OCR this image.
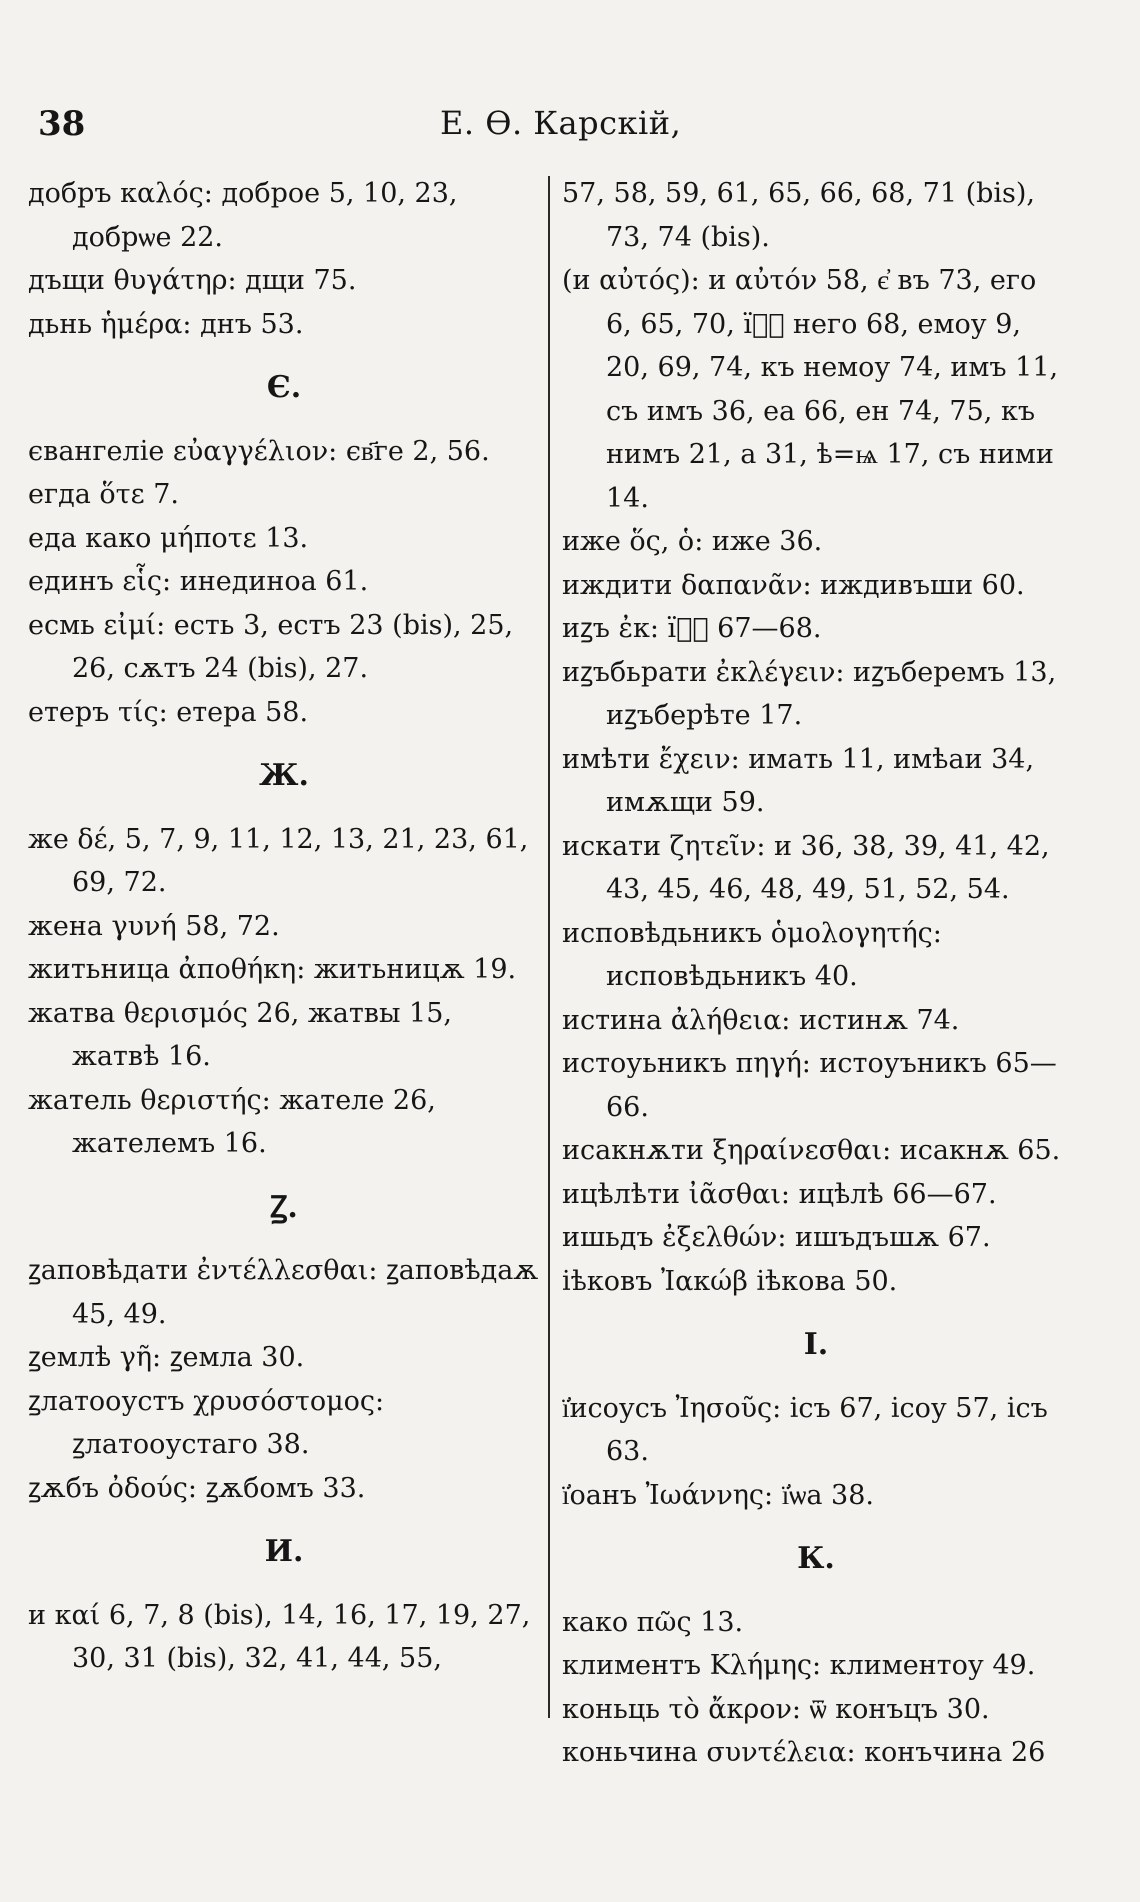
38	Е. Ѳ. Карскій,
добръ καλός: доброе 5, 10, 23, добрѡе 22.
дъщи θυγάτηρ: дщи 75.
дьнь ἡμέρα: днъ 53.
Є.
євангеліе εὐαγγέλιον: єв҃ге 2, 56.
егда ὅτε 7.
еда како μήποτε 13.
единъ εἷς: инединоа 61.
есмь εἰμί: есть 3, естъ 23 (bis), 25, 26, сѫтъ 24 (bis), 27.
етеръ τίς: етера 58.
Ж.
же δέ, 5, 7, 9, 11, 12, 13, 21, 23, 61, 69, 72.
жена γυνή 58, 72.
житьница ἀποθήκη: житьницѫ 19.
жатва θερισμός 26, жатвы 15, жатвѣ 16.
жатель θεριστής: жателе 26, жателемъ 16.
Ꙁ.
ꙁаповѣдати ἐντέλλεσθαι: ꙁаповѣдаѫ 45, 49.
ꙁемлѣ γῆ: ꙁемла 30.
ꙁлатооустъ χρυσόστομος: ꙁлатооустаго 38.
ꙁѫбъ ὀδούς: ꙁѫбомъ 33.
И.
и καί 6, 7, 8 (bis), 14, 16, 17, 19, 27, 30, 31 (bis), 32, 41, 44, 55,
57, 58, 59, 61, 65, 66, 68, 71 (bis), 73, 74 (bis).
(и αὐτός): и αὐτόν 58, є҆ въ 73, его 6, 65, 70, ї꙼ꙁ него 68, емоу 9, 20, 69, 74, къ немоу 74, имъ 11, съ имъ 36, еа 66, ен 74, 75, къ нимъ 21, а 31, ѣ=ѩ 17, съ ними 14.
иже ὅς, ὁ: иже 36.
иждити δαπανᾶν: иждивъши 60.
иꙁъ ἐκ: ї꙼ꙁ 67—68.
иꙁъбьрати ἐκλέγειν: иꙁъберемъ 13, иꙁъберѣте 17.
имѣти ἔχειν: имать 11, имѣаи 34, имѫщи 59.
искати ζητεῖν: и 36, 38, 39, 41, 42, 43, 45, 46, 48, 49, 51, 52, 54.
исповѣдьникъ ὁμολογητής: исповѣдьникъ 40.
истина ἀλήθεια: истинѫ 74.
истоуьникъ πηγή: истоуъникъ 65—66.
исакнѫти ξηραίνεσθαι: исакнѫ 65.
ицѣлѣти ἰᾶσθαι: ицѣлѣ 66—67.
ишьдъ ἐξελθών: ишъдъшѫ 67.
іѣковъ Ἰακώβ іѣкова 50.
І.
ї҆исоусъ Ἰησοῦς: ісъ 67, ісоу 57, ісъ 63.
ї҆оанъ Ἰωάννης: ї҆ѡа 38.
К.
како πῶς 13.
климентъ Κλήμης: климентоу 49.
коньць τὸ ἄκρον: ѿ конъцъ 30.
коньчина συντέλεια: конъчина 26
